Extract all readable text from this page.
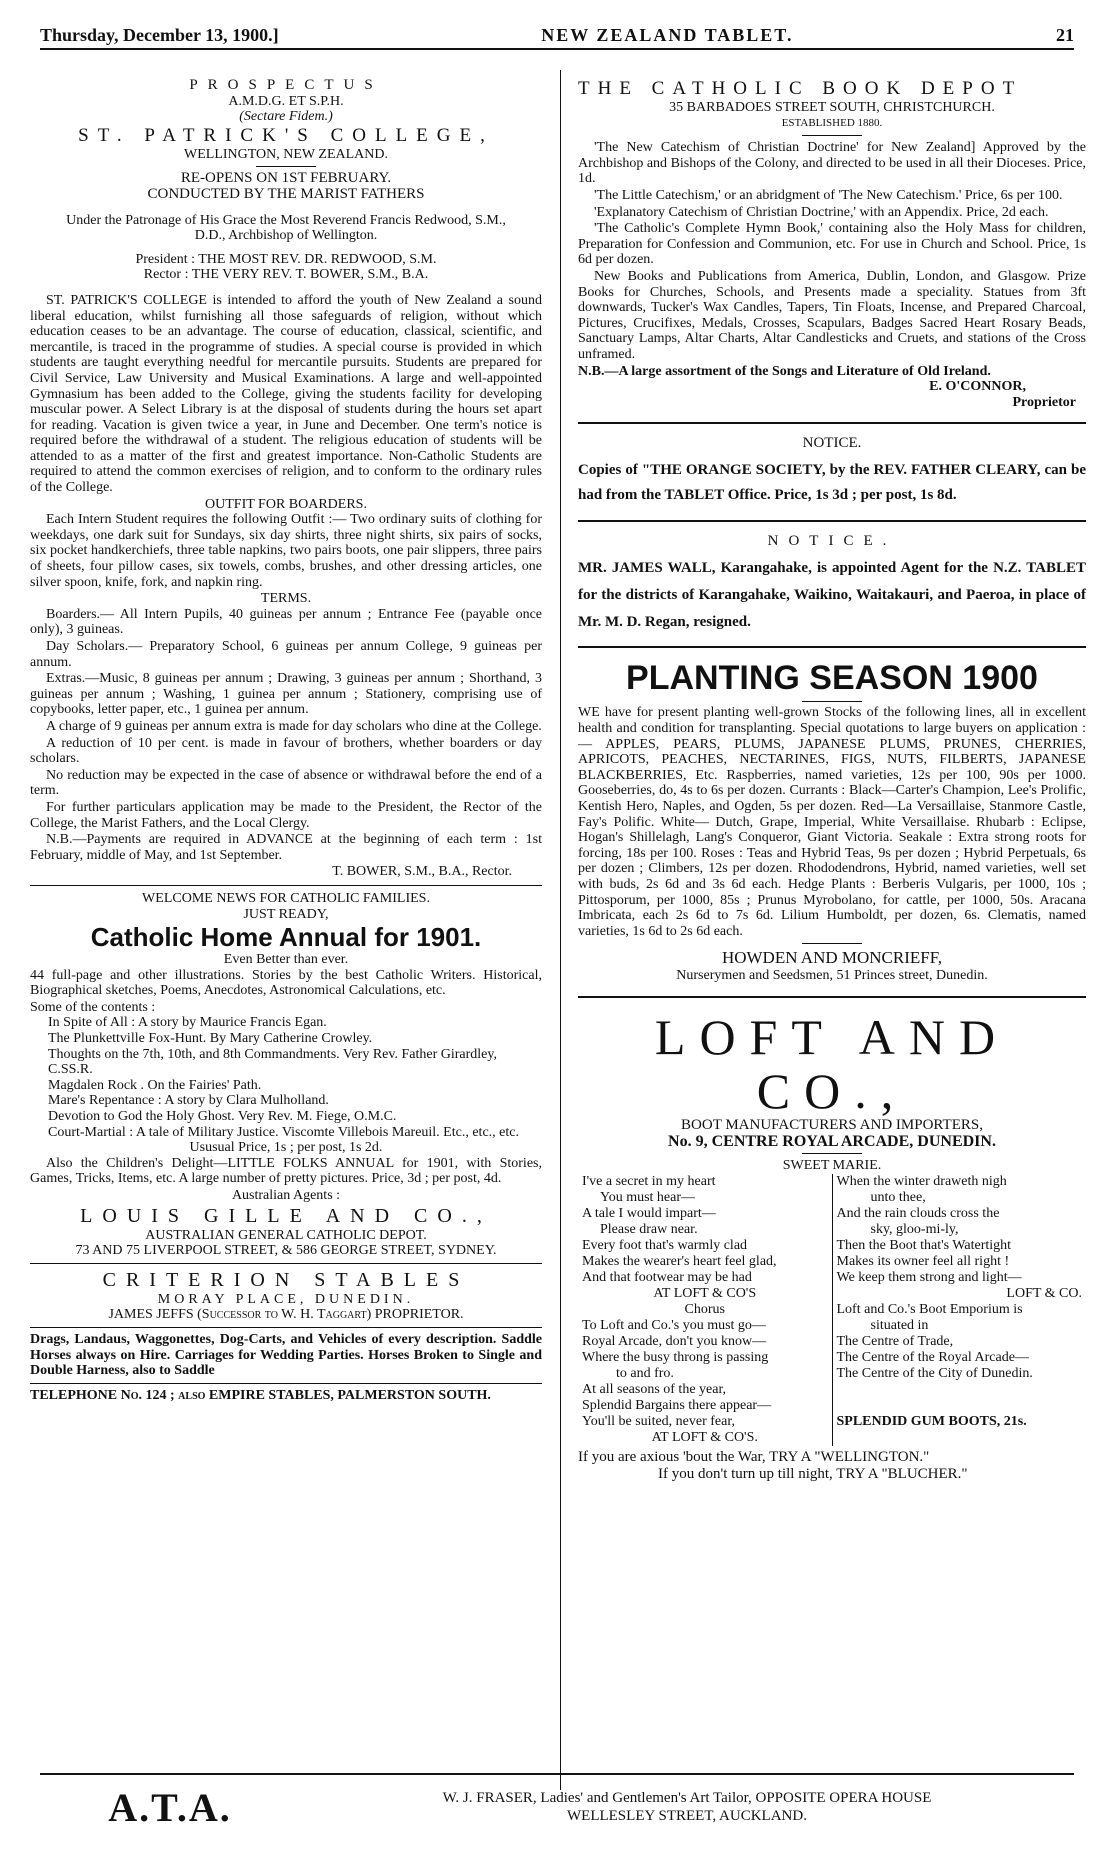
Thursday, December 13, 1900.]	NEW ZEALAND TABLET.	21
PROSPECTUS
A.M.D.G. ET S.P.H.
(Sectare Fidem.)
ST. PATRICK'S COLLEGE,
WELLINGTON, NEW ZEALAND.
RE-OPENS ON 1ST FEBRUARY.
CONDUCTED BY THE MARIST FATHERS
Under the Patronage of His Grace the Most Reverend Francis Redwood, S.M., D.D., Archbishop of Wellington.
President : THE MOST REV. DR. REDWOOD, S.M.
Rector : THE VERY REV. T. BOWER, S.M., B.A.

ST. PATRICK'S COLLEGE is intended to afford the youth of New Zealand a sound liberal education, whilst furnishing all those safeguards of religion, without which education ceases to be an advantage. The course of education, classical, scientific, and mercantile, is traced in the programme of studies. A special course is provided in which students are taught everything needful for mercantile pursuits. Students are prepared for Civil Service, Law University and Musical Examinations. A large and well-appointed Gymnasium has been added to the College, giving the students facility for developing muscular power. A Select Library is at the disposal of students during the hours set apart for reading. Vacation is given twice a year, in June and December. One term's notice is required before the withdrawal of a student. The religious education of students will be attended to as a matter of the first and greatest importance. Non-Catholic Students are required to attend the common exercises of religion, and to conform to the ordinary rules of the College.

OUTFIT FOR BOARDERS.

Each Intern Student requires the following Outfit :— Two ordinary suits of clothing for weekdays, one dark suit for Sundays, six day shirts, three night shirts, six pairs of socks, six pocket handkerchiefs, three table napkins, two pairs boots, one pair slippers, three pairs of sheets, four pillow cases, six towels, combs, brushes, and other dressing articles, one silver spoon, knife, fork, and napkin ring.

TERMS.

Boarders.— All Intern Pupils, 40 guineas per annum ; Entrance Fee (payable once only), 3 guineas.

Day Scholars.— Preparatory School, 6 guineas per annum College, 9 guineas per annum.

Extras.—Music, 8 guineas per annum ; Drawing, 3 guineas per annum ; Shorthand, 3 guineas per annum ; Washing, 1 guinea per annum ; Stationery, comprising use of copybooks, letter paper, etc., 1 guinea per annum.

A charge of 9 guineas per annum extra is made for day scholars who dine at the College.

A reduction of 10 per cent. is made in favour of brothers, whether boarders or day scholars.

No reduction may be expected in the case of absence or withdrawal before the end of a term.

For further particulars application may be made to the President, the Rector of the College, the Marist Fathers, and the Local Clergy.

N.B.—Payments are required in ADVANCE at the beginning of each term : 1st February, middle of May, and 1st September.

T. BOWER, S.M., B.A., Rector.
WELCOME NEWS FOR CATHOLIC FAMILIES.
JUST READY,
Catholic Home Annual for 1901.
Even Better than ever.

44 full-page and other illustrations. Stories by the best Catholic Writers. Historical, Biographical sketches, Poems, Anecdotes, Astronomical Calculations, etc.

Some of the contents :
In Spite of All : A story by Maurice Francis Egan.
The Plunkettville Fox-Hunt. By Mary Catherine Crowley.
Thoughts on the 7th, 10th, and 8th Commandments. Very Rev. Father Girardley, C.SS.R.
Magdalen Rock . On the Fairies' Path.
Mare's Repentance : A story by Clara Mulholland.
Devotion to God the Holy Ghost. Very Rev. M. Fiege, O.M.C.
Court-Martial : A tale of Military Justice. Viscomte Villebois Mareuil. Etc., etc., etc.
Ususual Price, 1s ; per post, 1s 2d.

Also the Children's Delight—LITTLE FOLKS ANNUAL for 1901, with Stories, Games, Tricks, Items, etc. A large number of pretty pictures. Price, 3d ; per post, 4d.

Australian Agents :
LOUIS GILLE AND CO.,
AUSTRALIAN GENERAL CATHOLIC DEPOT.
73 AND 75 LIVERPOOL STREET, & 586 GEORGE STREET, SYDNEY.
CRITERION STABLES
MORAY PLACE, DUNEDIN.
JAMES JEFFS (Successor to W. H. Taggart) PROPRIETOR.

Drags, Landaus, Waggonettes, Dog-Carts, and Vehicles of every description. Saddle Horses always on Hire. Carriages for Wedding Parties. Horses Broken to Single and Double Harness, also to Saddle

TELEPHONE No. 124 ; also EMPIRE STABLES, PALMERSTON SOUTH.
THE CATHOLIC BOOK DEPOT
35 BARBADOES STREET SOUTH, CHRISTCHURCH.
ESTABLISHED 1880.

'The New Catechism of Christian Doctrine' for New Zealand] Approved by the Archbishop and Bishops of the Colony, and directed to be used in all their Dioceses. Price, 1d.

'The Little Catechism,' or an abridgment of 'The New Catechism.' Price, 6s per 100.

'Explanatory Catechism of Christian Doctrine,' with an Appendix. Price, 2d each.

'The Catholic's Complete Hymn Book,' containing also the Holy Mass for children, Preparation for Confession and Communion, etc. For use in Church and School. Price, 1s 6d per dozen.

New Books and Publications from America, Dublin, London, and Glasgow. Prize Books for Churches, Schools, and Presents made a speciality. Statues from 3ft downwards, Tucker's Wax Candles, Tapers, Tin Floats, Incense, and Prepared Charcoal, Pictures, Crucifixes, Medals, Crosses, Scapulars, Badges Sacred Heart Rosary Beads, Sanctuary Lamps, Altar Charts, Altar Candlesticks and Cruets, and stations of the Cross unframed.

N.B.—A large assortment of the Songs and Literature of Old Ireland.
E. O'CONNOR,
Proprietor
NOTICE.
Copies of "THE ORANGE SOCIETY, by the REV. FATHER CLEARY, can be had from the TABLET Office. Price, 1s 3d ; per post, 1s 8d.
NOTICE.
MR. JAMES WALL, Karangahake, is appointed Agent for the N.Z. TABLET for the districts of Karangahake, Waikino, Waitakauri, and Paeroa, in place of Mr. M. D. Regan, resigned.
PLANTING SEASON 1900

WE have for present planting well-grown Stocks of the following lines, all in excellent health and condition for transplanting. Special quotations to large buyers on application :— APPLES, PEARS, PLUMS, JAPANESE PLUMS, PRUNES, CHERRIES, APRICOTS, PEACHES, NECTARINES, FIGS, NUTS, FILBERTS, JAPANESE BLACKBERRIES, Etc. Raspberries, named varieties, 12s per 100, 90s per 1000. Gooseberries, do, 4s to 6s per dozen. Currants : Black—Carter's Champion, Lee's Prolific, Kentish Hero, Naples, and Ogden, 5s per dozen. Red—La Versaillaise, Stanmore Castle, Fay's Polific. White— Dutch, Grape, Imperial, White Versaillaise. Rhubarb : Eclipse, Hogan's Shillelagh, Lang's Conqueror, Giant Victoria. Seakale : Extra strong roots for forcing, 18s per 100. Roses : Teas and Hybrid Teas, 9s per dozen ; Hybrid Perpetuals, 6s per dozen ; Climbers, 12s per dozen. Rhododendrons, Hybrid, named varieties, well set with buds, 2s 6d and 3s 6d each. Hedge Plants : Berberis Vulgaris, per 1000, 10s ; Pittosporum, per 1000, 85s ; Prunus Myrobolano, for cattle, per 1000, 50s. Aracana Imbricata, each 2s 6d to 7s 6d. Lilium Humboldt, per dozen, 6s. Clematis, named varieties, 1s 6d to 2s 6d each.

HOWDEN AND MONCRIEFF,
Nurserymen and Seedsmen, 51 Princes street, Dunedin.
LOFT AND CO.,
BOOT MANUFACTURERS AND IMPORTERS,
No. 9, CENTRE ROYAL ARCADE, DUNEDIN.
SWEET MARIE.
I've a secret in my heart
You must hear—
A tale I would impart—
Please draw near.
Every foot that's warmly clad
Makes the wearer's heart feel glad,
And that footwear may be had
AT LOFT & CO'S
Chorus
To Loft and Co.'s you must go—
Royal Arcade, don't you know—
Where the busy throng is passing
to and fro.
At all seasons of the year,
Splendid Bargains there appear—
You'll be suited, never fear,
AT LOFT & CO'S.
When the winter draweth nigh
unto thee,
And the rain clouds cross the
sky, gloo-mi-ly,
Then the Boot that's Watertight
Makes its owner feel all right !
We keep them strong and light—
LOFT & CO.
Loft and Co.'s Boot Emporium is
situated in
The Centre of Trade,
The Centre of the Royal Arcade—
The Centre of the City of Dunedin.

SPLENDID GUM BOOTS, 21s.
If you are axious 'bout the War, TRY A "WELLINGTON."
If you don't turn up till night, TRY A "BLUCHER."
A.T.A.	W. J. FRASER, Ladies' and Gentlemen's Art Tailor, OPPOSITE OPERA HOUSE
WELLESLEY STREET, AUCKLAND.
